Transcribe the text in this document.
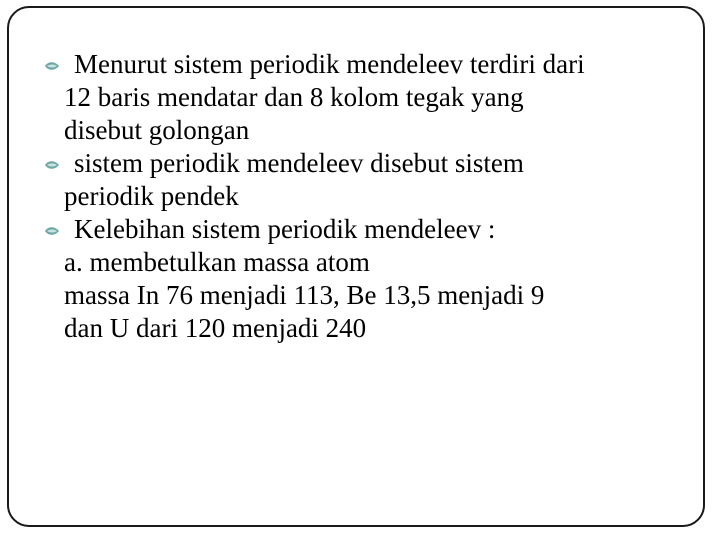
Menurut sistem periodik mendeleev terdiri dari
12 baris mendatar dan 8 kolom tegak yang
disebut golongan
sistem periodik mendeleev disebut sistem
periodik pendek
Kelebihan sistem periodik mendeleev :
a. membetulkan massa atom
massa In 76 menjadi 113, Be 13,5 menjadi 9
dan U dari 120 menjadi 240
